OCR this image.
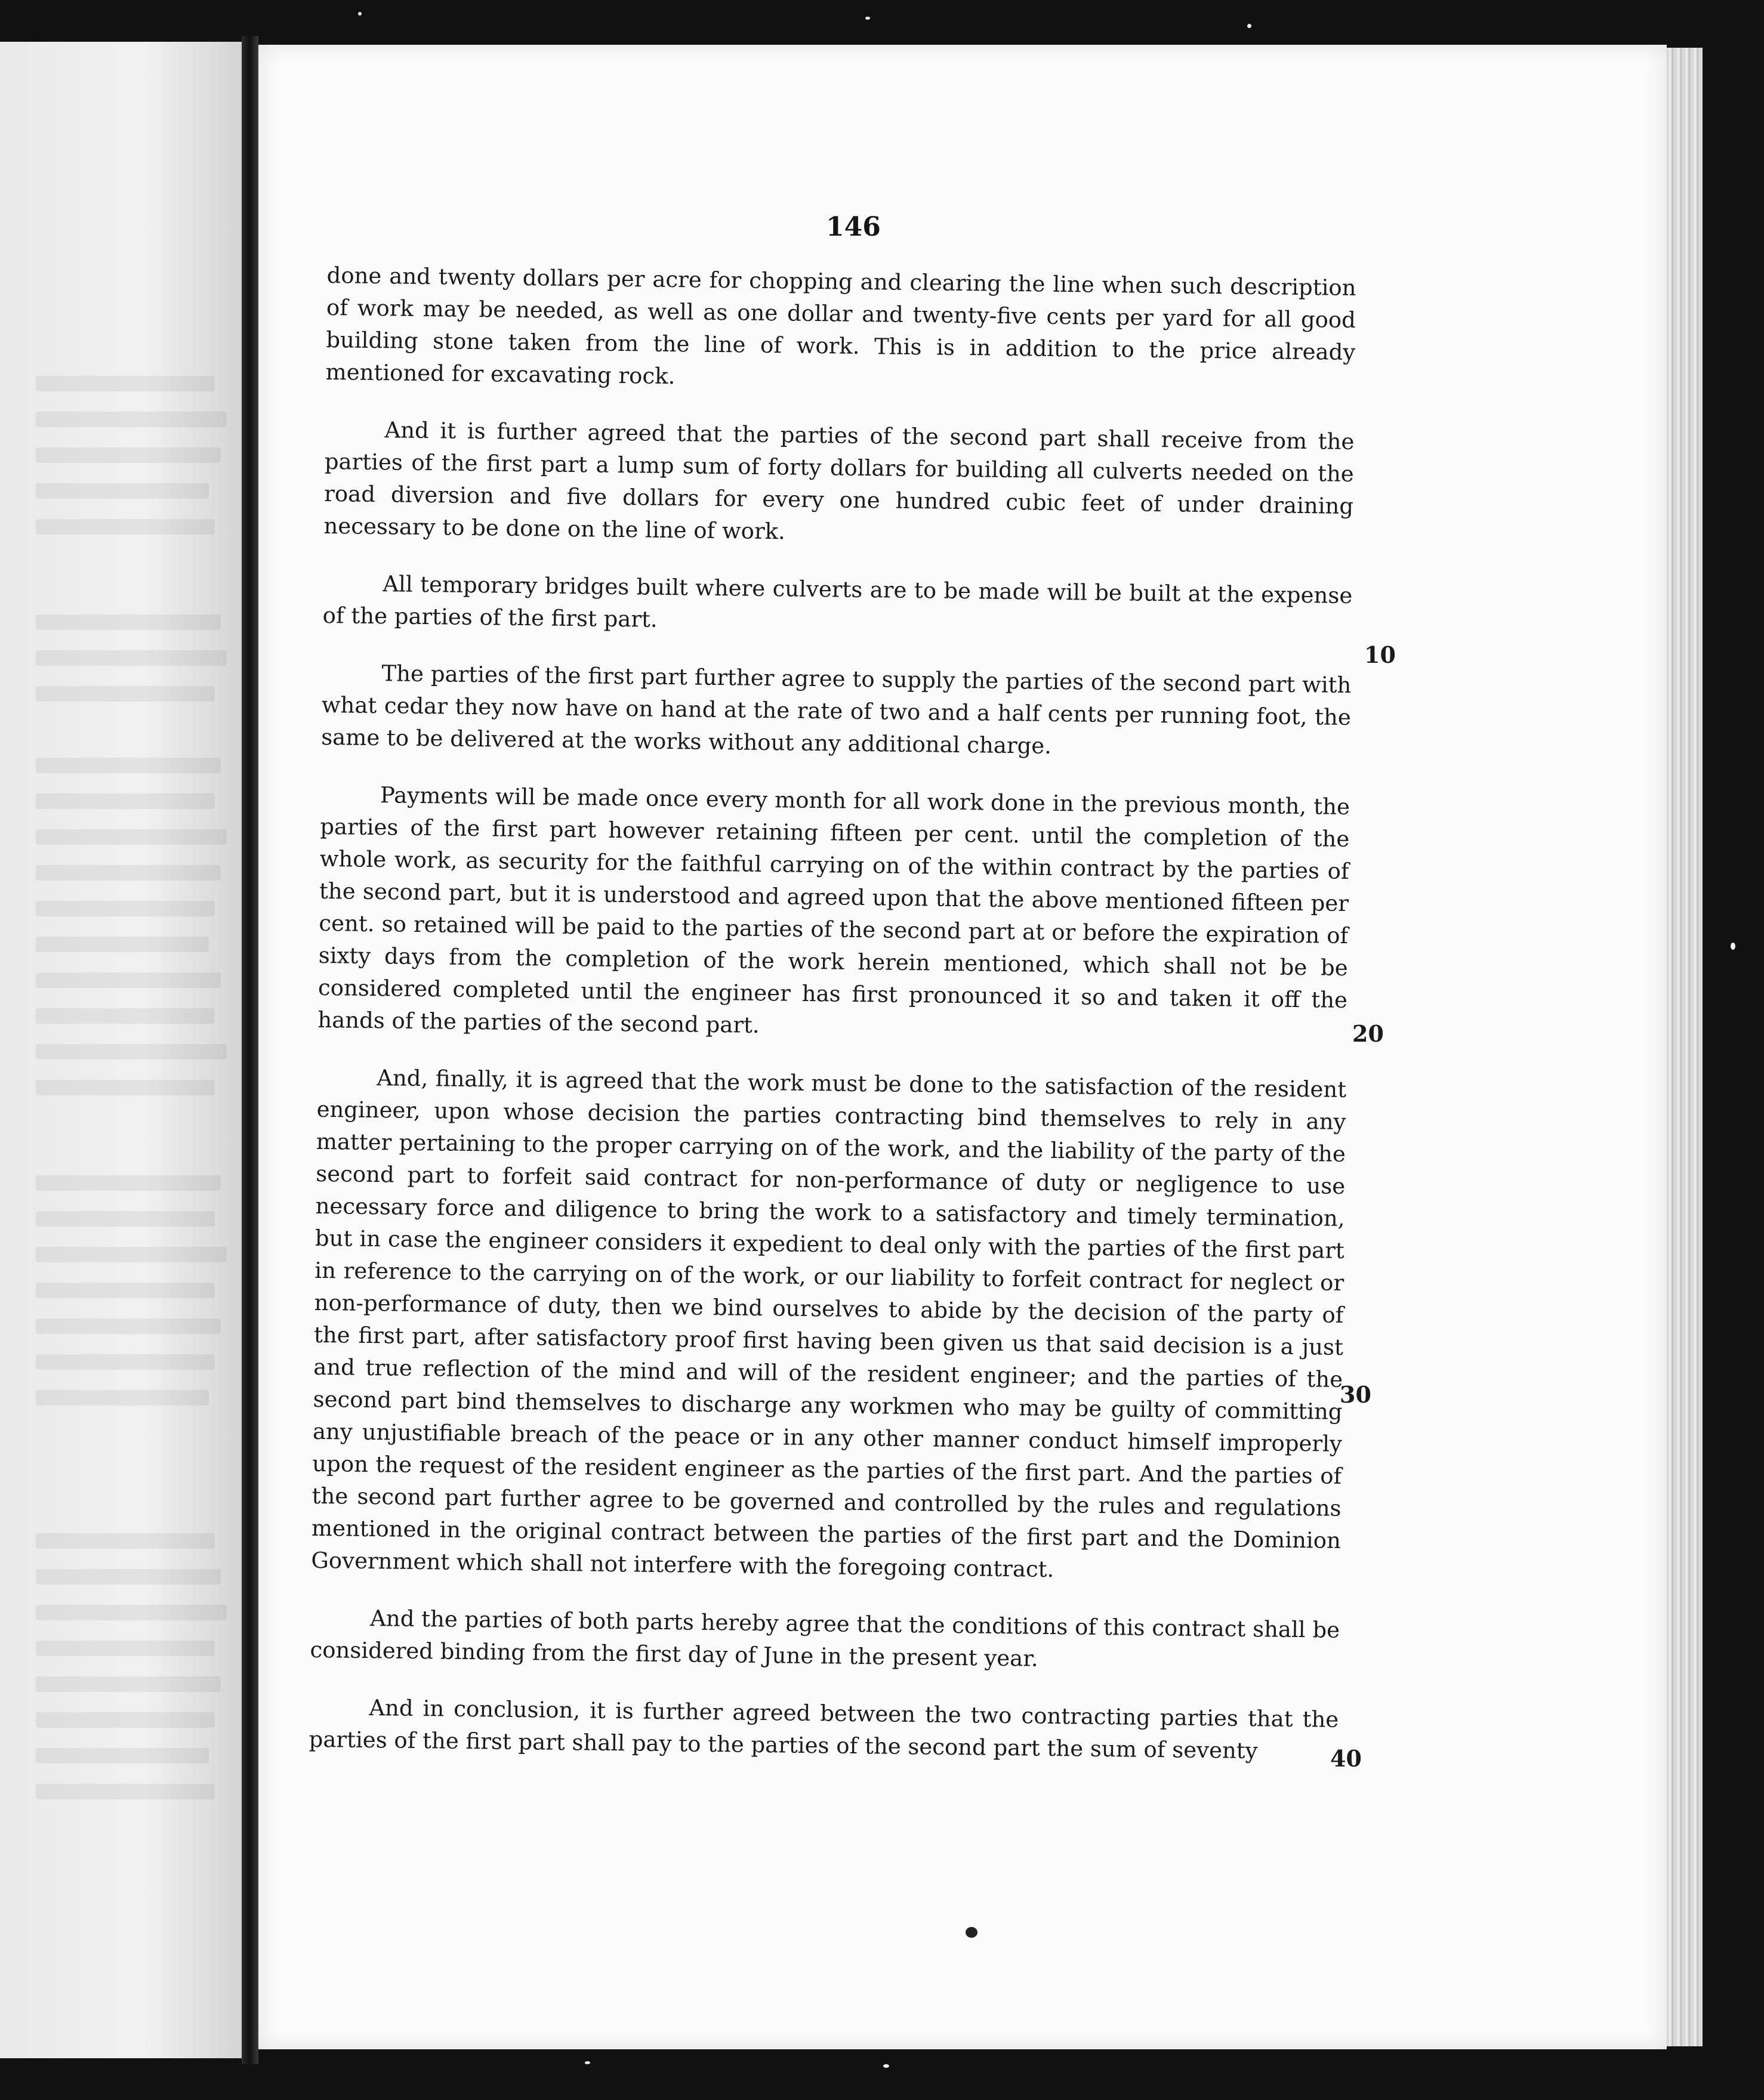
146

done and twenty dollars per acre for chopping and clearing the line when such description of work may be needed, as well as one dollar and twenty-five cents per yard for all good building stone taken from the line of work. This is in addition to the price already mentioned for excavating rock.

And it is further agreed that the parties of the second part shall receive from the parties of the first part a lump sum of forty dollars for building all culverts needed on the road diversion and five dollars for every one hundred cubic feet of under draining necessary to be done on the line of work.

All temporary bridges built where culverts are to be made will be built at the expense of the parties of the first part.

The parties of the first part further agree to supply the parties of the second part with what cedar they now have on hand at the rate of two and a half cents per running foot, the same to be delivered at the works without any additional charge.

Payments will be made once every month for all work done in the previous month, the parties of the first part however retaining fifteen per cent. until the completion of the whole work, as security for the faithful carrying on of the within contract by the parties of the second part, but it is understood and agreed upon that the above mentioned fifteen per cent. so retained will be paid to the parties of the second part at or before the expiration of sixty days from the completion of the work herein mentioned, which shall not be be considered completed until the engineer has first pronounced it so and taken it off the hands of the parties of the second part.

And, finally, it is agreed that the work must be done to the satisfaction of the resident engineer, upon whose decision the parties contracting bind themselves to rely in any matter pertaining to the proper carrying on of the work, and the liability of the party of the second part to forfeit said contract for non-performance of duty or negligence to use necessary force and diligence to bring the work to a satisfactory and timely termination, but in case the engineer considers it expedient to deal only with the parties of the first part in reference to the carrying on of the work, or our liability to forfeit contract for neglect or non-performance of duty, then we bind ourselves to abide by the decision of the party of the first part, after satisfactory proof first having been given us that said decision is a just and true reflection of the mind and will of the resident engineer; and the parties of the second part bind themselves to discharge any workmen who may be guilty of committing any unjustifiable breach of the peace or in any other manner conduct himself improperly upon the request of the resident engineer as the parties of the first part. And the parties of the second part further agree to be governed and controlled by the rules and regulations mentioned in the original contract between the parties of the first part and the Dominion Government which shall not interfere with the foregoing contract.

And the parties of both parts hereby agree that the conditions of this contract shall be considered binding from the first day of June in the present year.

And in conclusion, it is further agreed between the two contracting parties that the parties of the first part shall pay to the parties of the second part the sum of seventy

10
20
30
40
